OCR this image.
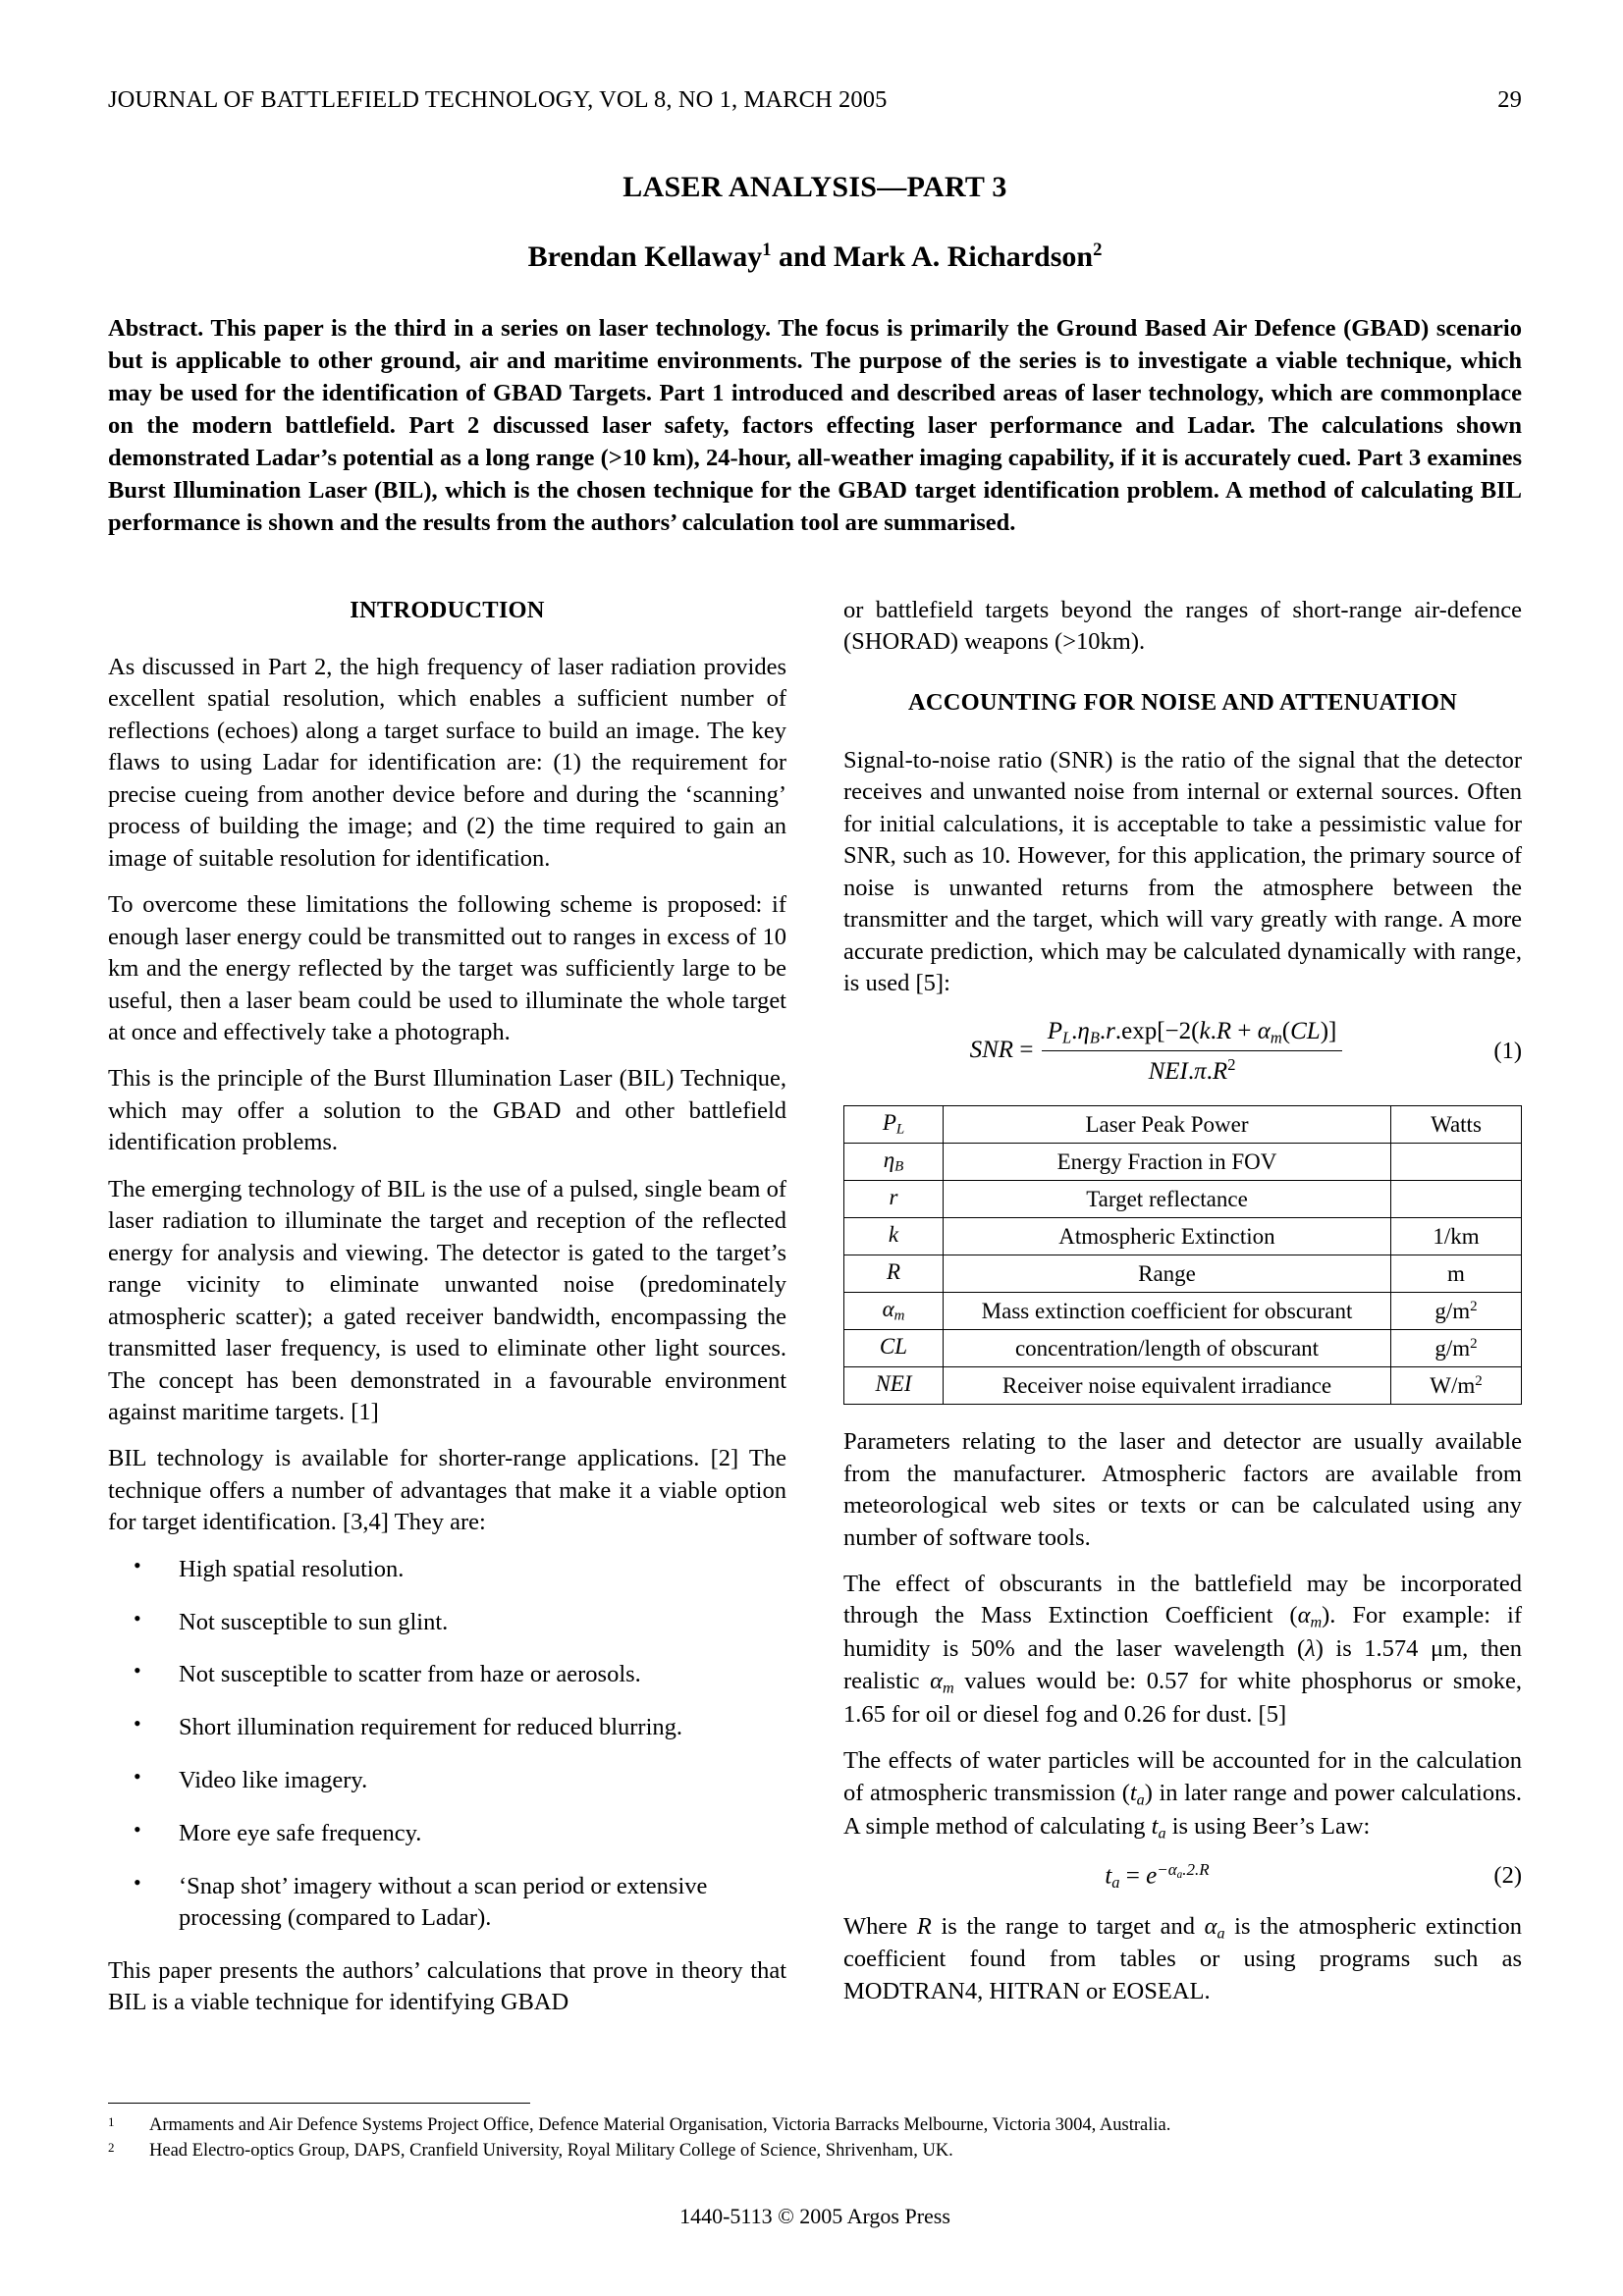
JOURNAL OF BATTLEFIELD TECHNOLOGY, VOL 8, NO 1, MARCH 2005	29
LASER ANALYSIS—PART 3
Brendan Kellaway$^1$ and Mark A. Richardson$^2$
Abstract. This paper is the third in a series on laser technology. The focus is primarily the Ground Based Air Defence (GBAD) scenario but is applicable to other ground, air and maritime environments. The purpose of the series is to investigate a viable technique, which may be used for the identification of GBAD Targets. Part 1 introduced and described areas of laser technology, which are commonplace on the modern battlefield. Part 2 discussed laser safety, factors effecting laser performance and Ladar. The calculations shown demonstrated Ladar’s potential as a long range (>10 km), 24-hour, all-weather imaging capability, if it is accurately cued. Part 3 examines Burst Illumination Laser (BIL), which is the chosen technique for the GBAD target identification problem. A method of calculating BIL performance is shown and the results from the authors’ calculation tool are summarised.
INTRODUCTION

As discussed in Part 2, the high frequency of laser radiation provides excellent spatial resolution, which enables a sufficient number of reflections (echoes) along a target surface to build an image. The key flaws to using Ladar for identification are: (1) the requirement for precise cueing from another device before and during the ‘scanning’ process of building the image; and (2) the time required to gain an image of suitable resolution for identification.

To overcome these limitations the following scheme is proposed: if enough laser energy could be transmitted out to ranges in excess of 10 km and the energy reflected by the target was sufficiently large to be useful, then a laser beam could be used to illuminate the whole target at once and effectively take a photograph.

This is the principle of the Burst Illumination Laser (BIL) Technique, which may offer a solution to the GBAD and other battlefield identification problems.

The emerging technology of BIL is the use of a pulsed, single beam of laser radiation to illuminate the target and reception of the reflected energy for analysis and viewing. The detector is gated to the target’s range vicinity to eliminate unwanted noise (predominately atmospheric scatter); a gated receiver bandwidth, encompassing the transmitted laser frequency, is used to eliminate other light sources. The concept has been demonstrated in a favourable environment against maritime targets. [1]

BIL technology is available for shorter-range applications. [2] The technique offers a number of advantages that make it a viable option for target identification. [3,4] They are:

• High spatial resolution.
• Not susceptible to sun glint.
• Not susceptible to scatter from haze or aerosols.
• Short illumination requirement for reduced blurring.
• Video like imagery.
• More eye safe frequency.
• ‘Snap shot’ imagery without a scan period or extensive processing (compared to Ladar).

This paper presents the authors’ calculations that prove in theory that BIL is a viable technique for identifying GBAD

or battlefield targets beyond the ranges of short-range air-defence (SHORAD) weapons (>10km).

ACCOUNTING FOR NOISE AND ATTENUATION

Signal-to-noise ratio (SNR) is the ratio of the signal that the detector receives and unwanted noise from internal or external sources. Often for initial calculations, it is acceptable to take a pessimistic value for SNR, such as 10. However, for this application, the primary source of noise is unwanted returns from the atmosphere between the transmitter and the target, which will vary greatly with range. A more accurate prediction, which may be calculated dynamically with range, is used [5]:

SNR = $\frac{P_L.\eta_B.r.\exp[-2(k.R + \alpha_m(CL)]}{NEI.\pi.R^2}$	(1)
$P_L$	Laser Peak Power	Watts
$\eta_B$	Energy Fraction in FOV	
r	Target reflectance	
k	Atmospheric Extinction	1/km
R	Range	m
$\alpha_m$	Mass extinction coefficient for obscurant	$g/m^2$
CL	concentration/length of obscurant	$g/m^2$
NEI	Receiver noise equivalent irradiance	$W/m^2$

Parameters relating to the laser and detector are usually available from the manufacturer. Atmospheric factors are available from meteorological web sites or texts or can be calculated using any number of software tools.

The effect of obscurants in the battlefield may be incorporated through the Mass Extinction Coefficient $(\alpha_m)$. For example: if humidity is 50% and the laser wavelength (λ) is 1.574 μm, then realistic $\alpha_m$ values would be: 0.57 for white phosphorus or smoke, 1.65 for oil or diesel fog and 0.26 for dust. [5]

The effects of water particles will be accounted for in the calculation of atmospheric transmission $(t_a)$ in later range and power calculations. A simple method of calculating $t_a$ is using Beer’s Law:

$t_a = e^{-\alpha_a.2.R}$	(2)

Where R is the range to target and $\alpha_a$ is the atmospheric extinction coefficient found from tables or using programs such as MODTRAN4, HITRAN or EOSEAL.

1	Armaments and Air Defence Systems Project Office, Defence Material Organisation, Victoria Barracks Melbourne, Victoria 3004, Australia.
2	Head Electro-optics Group, DAPS, Cranfield University, Royal Military College of Science, Shrivenham, UK.
1440-5113 © 2005 Argos Press
